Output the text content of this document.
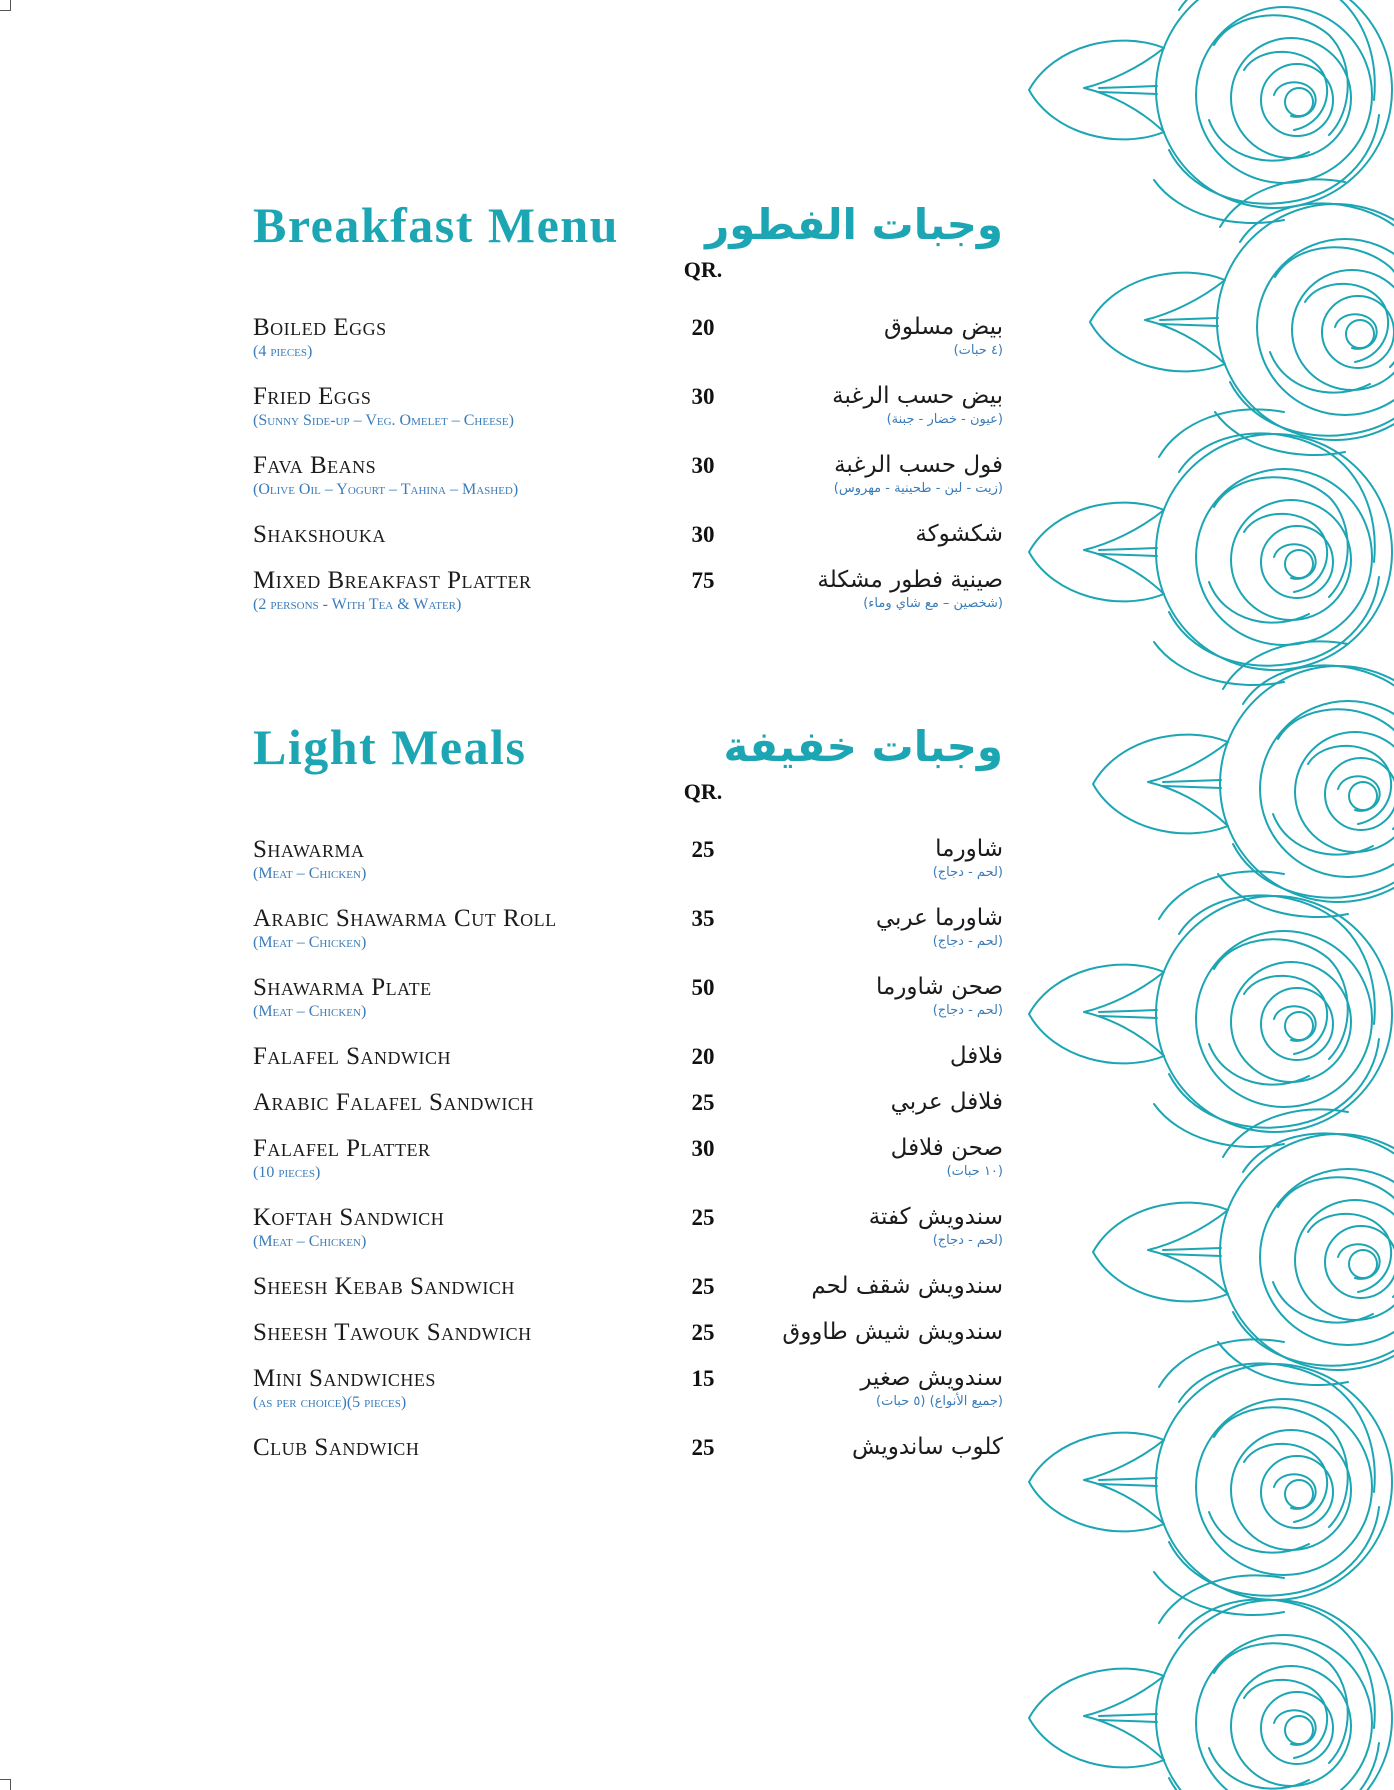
Breakfast Menu وجبات الفطور
QR.
Boiled Eggs	20	بيض مسلوق
(4 pieces)	(٤ حبات)
Fried Eggs	30	بيض حسب الرغبة
(Sunny Side-up – Veg. Omelet – Cheese)	(عيون - خضار - جبنة)
Fava Beans	30	فول حسب الرغبة
(Olive Oil – Yogurt – Tahina – Mashed)	(زيت - لبن - طحينية - مهروس)
Shakshouka	30	شكشوكة
Mixed Breakfast Platter	75	صينية فطور مشكلة
(2 persons - With Tea & Water)	(شخصين – مع شاي وماء)
Light Meals	وجبات خفيفة
QR.
Shawarma	25	شاورما
(Meat – Chicken)	(لحم - دجاج)
Arabic Shawarma Cut Roll	35	شاورما عربي
(Meat – Chicken)	(لحم - دجاج)
Shawarma Plate	50	صحن شاورما
(Meat – Chicken)	(لحم - دجاج)
Falafel Sandwich	20	فلافل
Arabic Falafel Sandwich	25	فلافل عربي
Falafel Platter	30	صحن فلافل
(10 pieces)	(١٠ حبات)
Koftah Sandwich	25	سندويش كفتة
(Meat – Chicken)	(لحم - دجاج)
Sheesh Kebab Sandwich	25	سندويش شقف لحم
Sheesh Tawouk Sandwich	25	سندويش شيش طاووق
Mini Sandwiches	15	سندويش صغير
(as per choice)(5 pieces)	(جميع الأنواع) (٥ حبات)
Club Sandwich	25	كلوب ساندويش
